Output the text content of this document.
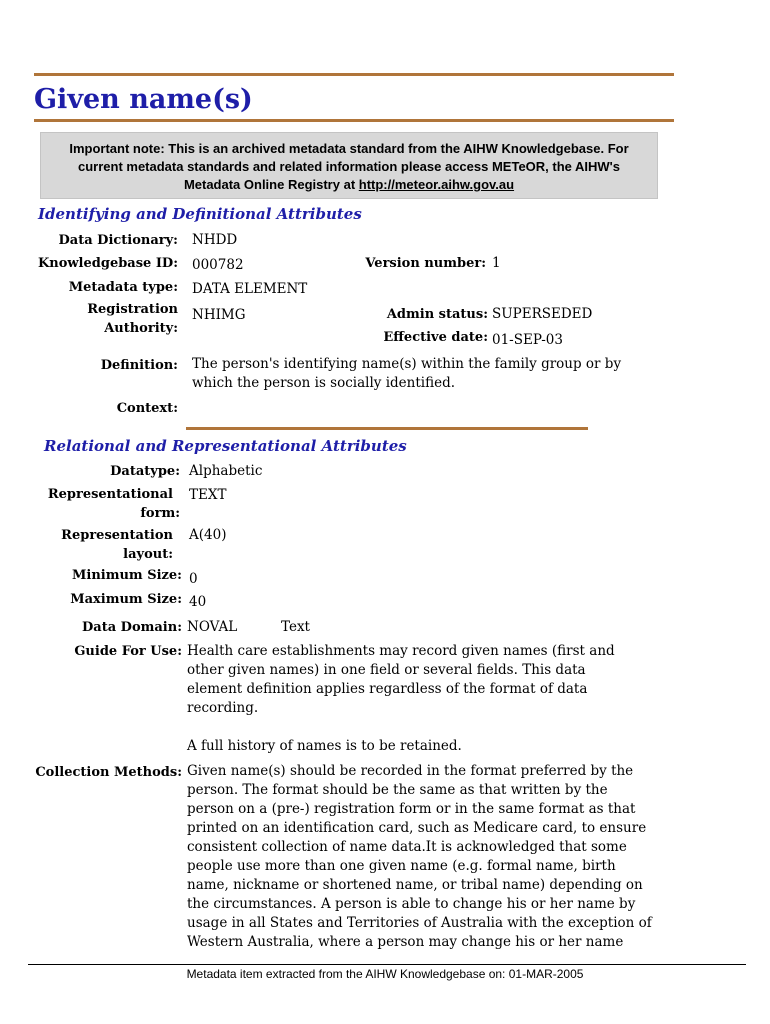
Given name(s)
Important note: This is an archived metadata standard from the AIHW Knowledgebase. For
current metadata standards and related information please access METeOR, the AIHW's
Metadata Online Registry at http://meteor.aihw.gov.au
Identifying and Definitional Attributes
Data Dictionary: NHDD
Knowledgebase ID: 000782	Version number: 1
Metadata type: DATA ELEMENT
Registration
Authority:
NHIMG	Admin status: SUPERSEDED
Effective date: 01-SEP-03
Definition: The person's identifying name(s) within the family group or by
which the person is socially identified.
Context:
Relational and Representational Attributes
Datatype: Alphabetic
Representational
form:
TEXT
Representation
layout:
A(40)
Minimum Size: 0
Maximum Size: 40
Data Domain: NOVAL	Text
Guide For Use: Health care establishments may record given names (first and
other given names) in one field or several fields. This data
element definition applies regardless of the format of data
recording.
A full history of names is to be retained.
Collection Methods: Given name(s) should be recorded in the format preferred by the
person. The format should be the same as that written by the
person on a (pre-) registration form or in the same format as that
printed on an identification card, such as Medicare card, to ensure
consistent collection of name data.It is acknowledged that some
people use more than one given name (e.g. formal name, birth
name, nickname or shortened name, or tribal name) depending on
the circumstances. A person is able to change his or her name by
usage in all States and Territories of Australia with the exception of
Western Australia, where a person may change his or her name
Metadata item extracted from the AIHW Knowledgebase on: 01-MAR-2005
